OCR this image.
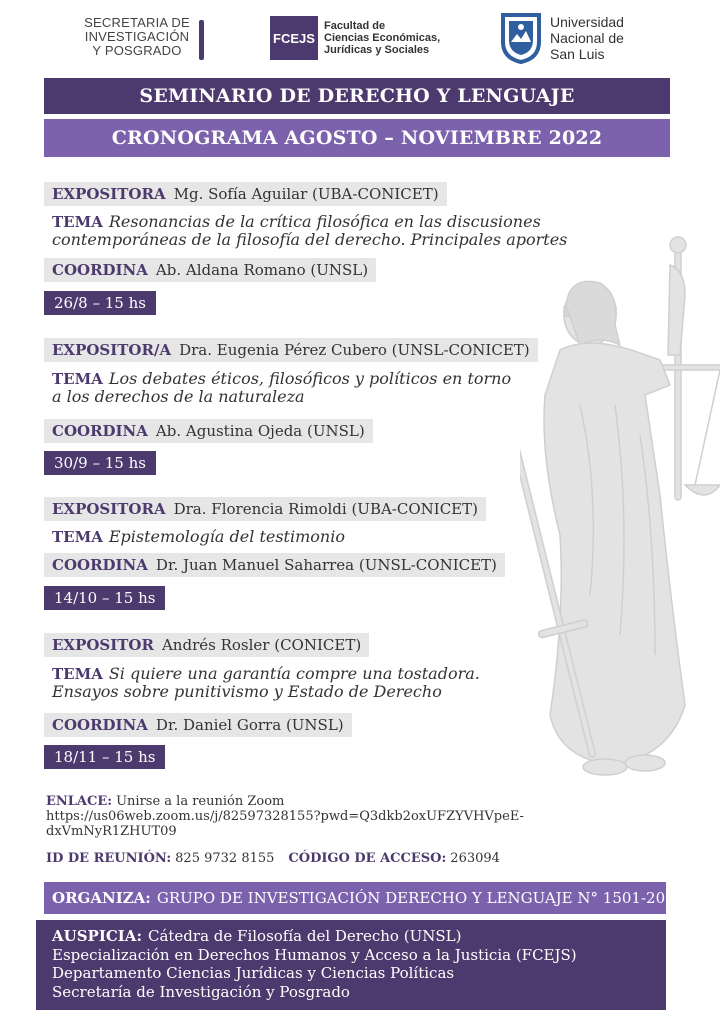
SECRETARIA DE
INVESTIGACIÓN
Y POSGRADO
FCEJS
Facultad de
Ciencias Económicas,
Jurídicas y Sociales
Universidad
Nacional de
San Luis
SEMINARIO DE DERECHO Y LENGUAJE
CRONOGRAMA AGOSTO – NOVIEMBRE 2022
EXPOSITORA Mg. Sofía Aguilar (UBA-CONICET)
TEMA Resonancias de la crítica filosófica en las discusiones
contemporáneas de la filosofía del derecho. Principales aportes
COORDINA Ab. Aldana Romano (UNSL)
26/8 – 15 hs
EXPOSITOR/A Dra. Eugenia Pérez Cubero (UNSL-CONICET)
TEMA Los debates éticos, filosóficos y políticos en torno
a los derechos de la naturaleza
COORDINA Ab. Agustina Ojeda (UNSL)
30/9 – 15 hs
EXPOSITORA Dra. Florencia Rimoldi (UBA-CONICET)
TEMA Epistemología del testimonio
COORDINA Dr. Juan Manuel Saharrea (UNSL-CONICET)
14/10 – 15 hs
EXPOSITOR Andrés Rosler (CONICET)
TEMA Si quiere una garantía compre una tostadora.
Ensayos sobre punitivismo y Estado de Derecho
COORDINA Dr. Daniel Gorra (UNSL)
18/11 – 15 hs
ENLACE: Unirse a la reunión Zoom
https://us06web.zoom.us/j/82597328155?pwd=Q3dkb2oxUFZYVHVpeE-
dxVmNyR1ZHUT09
ID DE REUNIÓN: 825 9732 8155 CÓDIGO DE ACCESO: 263094
ORGANIZA: GRUPO DE INVESTIGACIÓN DERECHO Y LENGUAJE N° 1501-20
AUSPICIA: Cátedra de Filosofía del Derecho (UNSL)
Especialización en Derechos Humanos y Acceso a la Justicia (FCEJS)
Departamento Ciencias Jurídicas y Ciencias Políticas
Secretaría de Investigación y Posgrado
